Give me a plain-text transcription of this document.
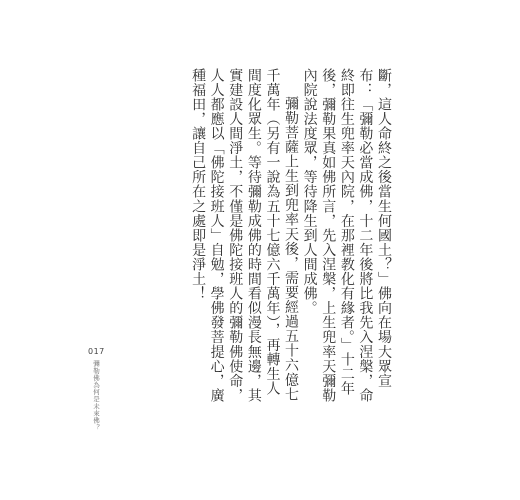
斷，這人命終之後當生何國土？」佛向在場大眾宣布：「彌勒必當成佛，十二年後將比我先入涅槃，命終即往生兜率天內院，在那裡教化有緣者。」十二年後，彌勒果真如佛所言，先入涅槃，上生兜率天彌勒內院說法度眾，等待降生到人間成佛。

彌勒菩薩上生到兜率天後，需要經過五十六億七千萬年（另有一說為五十七億六千萬年），再轉生人間度化眾生。等待彌勒成佛的時間看似漫長無邊，其實建設人間淨土，不僅是佛陀接班人的彌勒佛使命，人人都應以「佛陀接班人」自勉，學佛發菩提心，廣種福田，讓自己所在之處即是淨土！

017
彌勒佛為何是未來佛？
